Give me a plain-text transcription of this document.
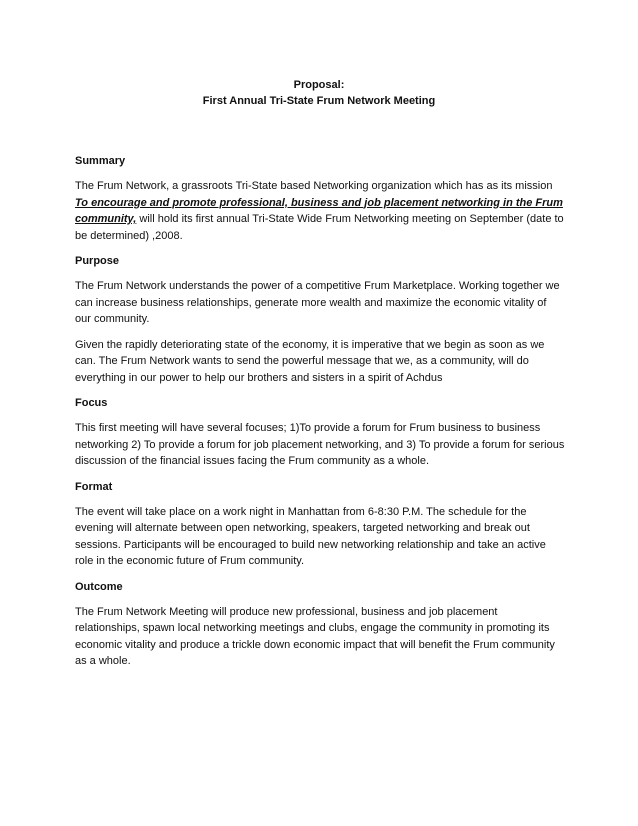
Proposal:
First Annual Tri-State Frum Network Meeting
Summary
The Frum Network, a grassroots Tri-State based Networking organization which has as its mission To encourage and promote professional, business and job placement networking in the Frum community, will hold its first annual Tri-State Wide Frum Networking meeting on September (date to be determined) ,2008.
Purpose
The Frum Network understands the power of a competitive Frum Marketplace. Working together we can increase business relationships, generate more wealth and maximize the economic vitality of our community.
Given the rapidly deteriorating state of the economy, it is imperative that we begin as soon as we can. The Frum Network wants to send the powerful message that we, as a community, will do everything in our power to help our brothers and sisters in a spirit of Achdus
Focus
This first meeting will have several focuses; 1)To provide a forum for Frum business to business networking 2) To provide a forum for job placement networking, and 3) To provide a forum for serious discussion of the financial issues facing the Frum community as a whole.
Format
The event will take place on a work night in Manhattan from 6-8:30 P.M. The schedule for the evening will alternate between open networking, speakers, targeted networking and break out sessions. Participants will be encouraged to build new networking relationship and take an active role in the economic future of Frum community.
Outcome
The Frum Network Meeting will produce new professional, business and job placement relationships, spawn local networking meetings and clubs, engage the community in promoting its economic vitality and produce a trickle down economic impact that will benefit the Frum community as a whole.
